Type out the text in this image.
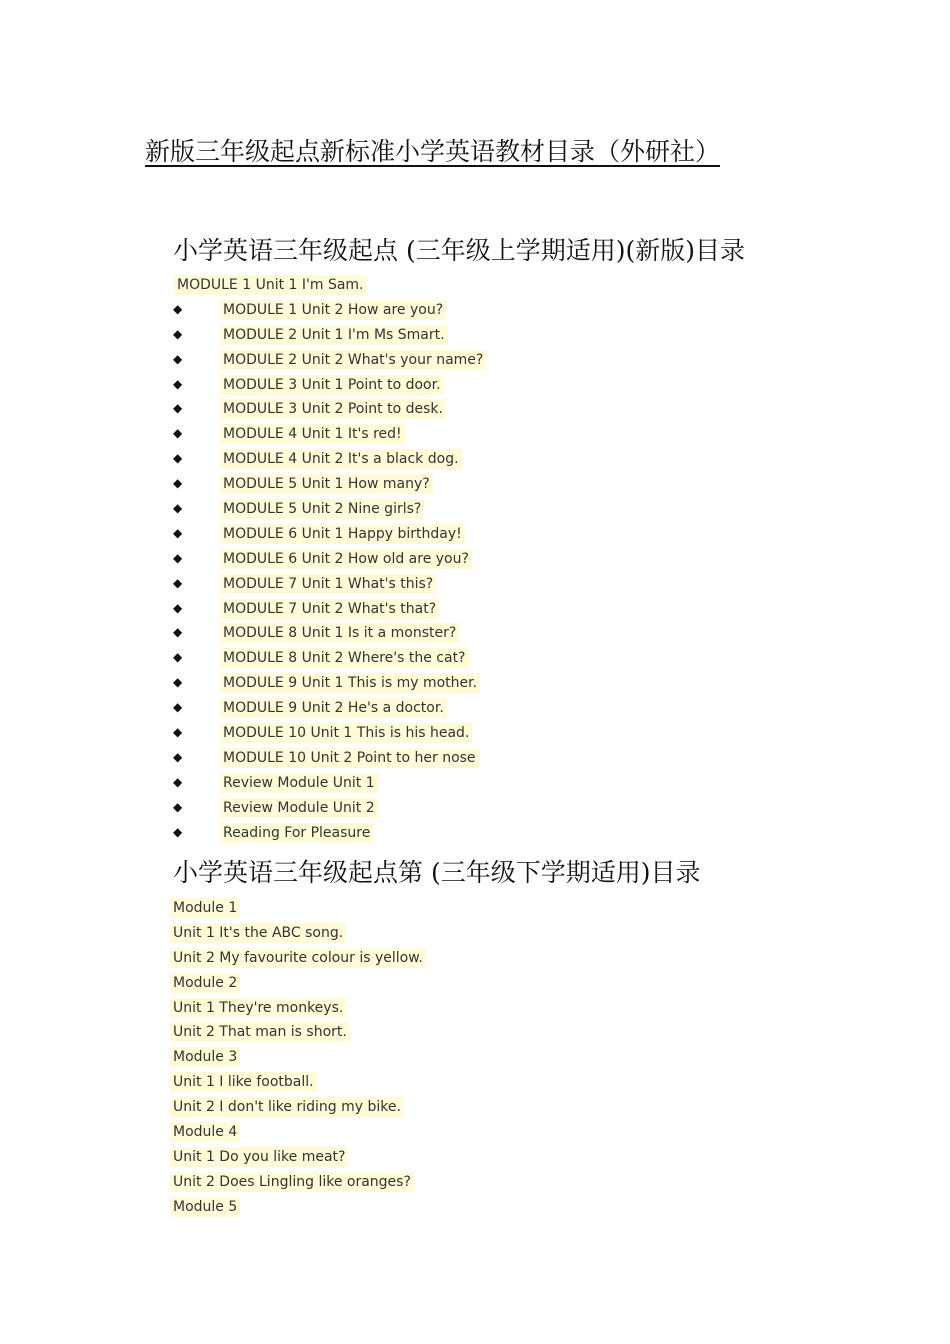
新版三年级起点新标准小学英语教材目录（外研社）
小学英语三年级起点 (三年级上学期适用)(新版)目录
MODULE 1 Unit 1 I'm Sam.
◆	MODULE 1 Unit 2 How are you?
◆	MODULE 2 Unit 1 I'm Ms Smart.
◆	MODULE 2 Unit 2 What's your name?
◆	MODULE 3 Unit 1 Point to door.
◆	MODULE 3 Unit 2 Point to desk.
◆	MODULE 4 Unit 1 It's red!
◆	MODULE 4 Unit 2 It's a black dog.
◆	MODULE 5 Unit 1 How many?
◆	MODULE 5 Unit 2 Nine girls?
◆	MODULE 6 Unit 1 Happy birthday!
◆	MODULE 6 Unit 2 How old are you?
◆	MODULE 7 Unit 1 What's this?
◆	MODULE 7 Unit 2 What's that?
◆	MODULE 8 Unit 1 Is it a monster?
◆	MODULE 8 Unit 2 Where's the cat?
◆	MODULE 9 Unit 1 This is my mother.
◆	MODULE 9 Unit 2 He's a doctor.
◆	MODULE 10 Unit 1 This is his head.
◆	MODULE 10 Unit 2 Point to her nose
◆	Review Module Unit 1
◆	Review Module Unit 2
◆	Reading For Pleasure
小学英语三年级起点第 (三年级下学期适用)目录
Module 1
Unit 1 It's the ABC song.
Unit 2 My favourite colour is yellow.
Module 2
Unit 1 They're monkeys.
Unit 2 That man is short.
Module 3
Unit 1 I like football.
Unit 2 I don't like riding my bike.
Module 4
Unit 1 Do you like meat?
Unit 2 Does Lingling like oranges?
Module 5
